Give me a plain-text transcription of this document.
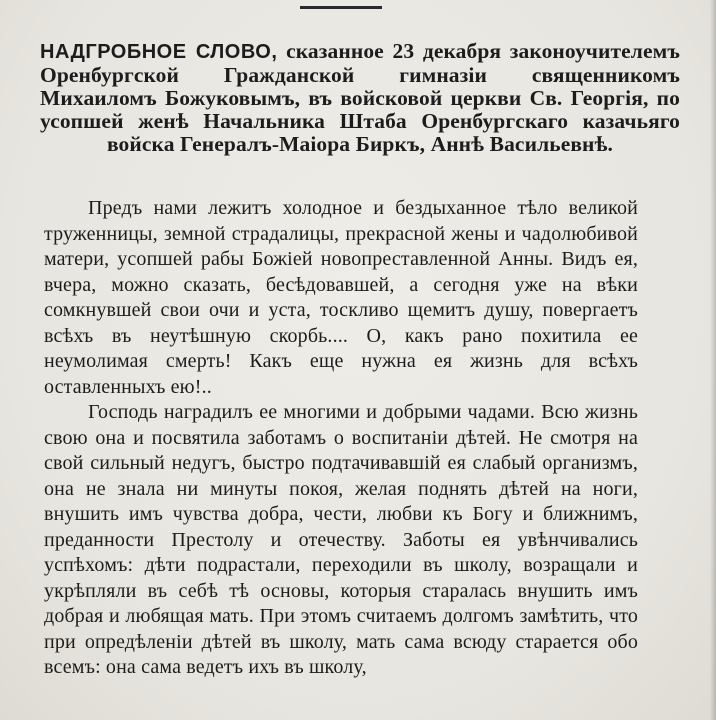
НАДГРОБНОЕ СЛОВО, сказанное 23 декабря законоучителемъ Оренбургской Гражданской гимназіи священникомъ Михаиломъ Божуковымъ, въ войсковой церкви Св. Георгія, по усопшей женѣ Начальника Штаба Оренбургскаго казачьяго войска Генералъ-Маіора Биркъ, Аннѣ Васильевнѣ.

Предъ нами лежитъ холодное и бездыханное тѣло великой труженницы, земной страдалицы, прекрасной жены и чадолюбивой матери, усопшей рабы Божіей новопреставленной Анны. Видъ ея, вчера, можно сказать, бесѣдовавшей, а сегодня уже на вѣки сомкнувшей свои очи и уста, тоскливо щемитъ душу, повергаетъ всѣхъ въ неутѣшную скорбь.... О, какъ рано похитила ее неумолимая смерть! Какъ еще нужна ея жизнь для всѣхъ оставленныхъ ею!..

Господь наградилъ ее многими и добрыми чадами. Всю жизнь свою она и посвятила заботамъ о воспитаніи дѣтей. Не смотря на свой сильный недугъ, быстро подтачивавшій ея слабый организмъ, она не знала ни минуты покоя, желая поднять дѣтей на ноги, внушить имъ чувства добра, чести, любви къ Богу и ближнимъ, преданности Престолу и отечеству. Заботы ея увѣнчивались успѣхомъ: дѣти подрастали, переходили въ школу, возращали и укрѣпляли въ себѣ тѣ основы, которыя старалась внушить имъ добрая и любящая мать. При этомъ считаемъ долгомъ замѣтить, что при опредѣленіи дѣтей въ школу, мать сама всюду старается обо всемъ: она сама ведетъ ихъ въ школу,
